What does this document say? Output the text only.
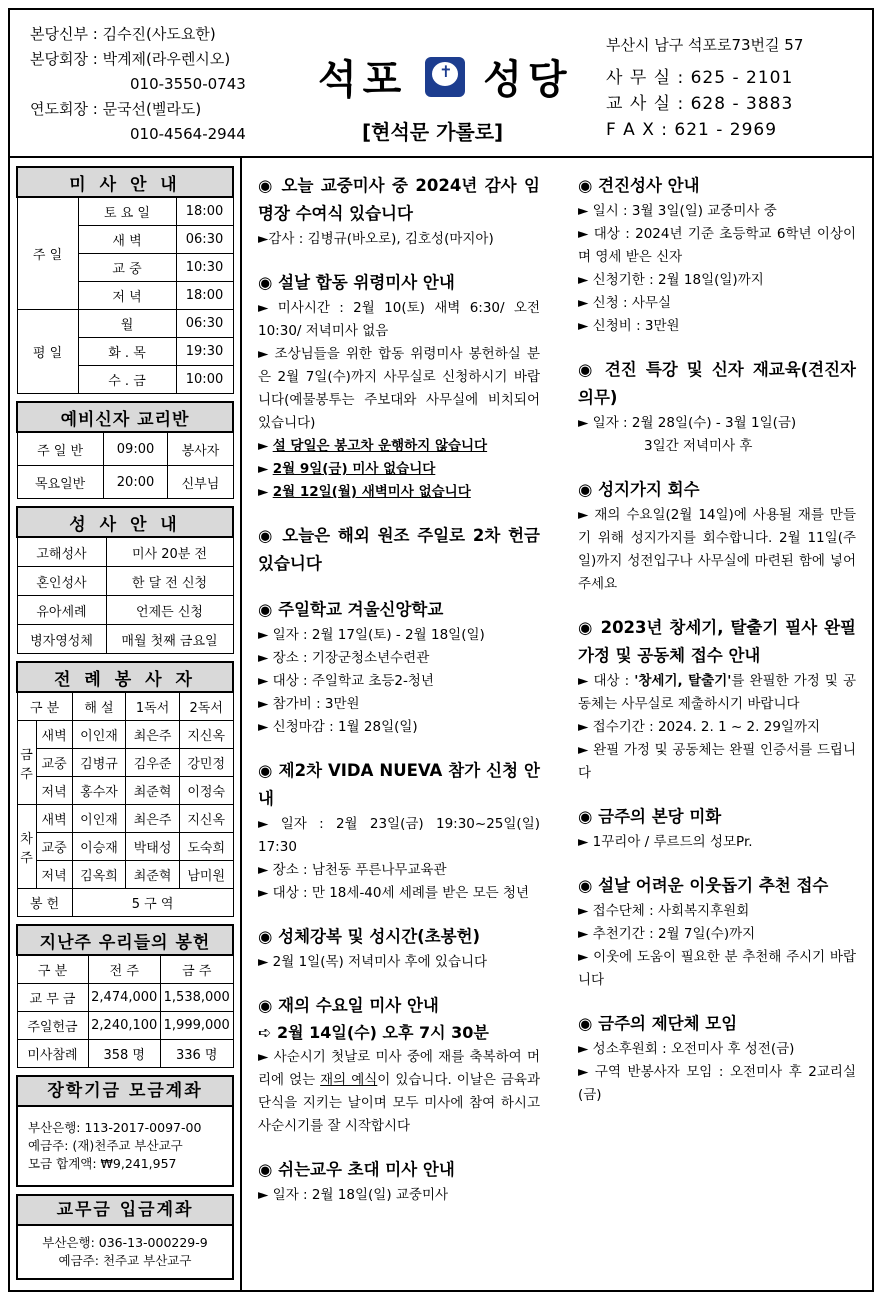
본당신부 : 김수진(사도요한)
본당회장 : 박계제(라우렌시오)
010-3550-0743
연도회장 : 문국선(벨라도)
010-4564-2944
석포 ✝ 성당
[현석문 가롤로]
부산시 남구 석포로73번길 57
사 무 실 : 625 - 2101
교 사 실 : 628 - 3883
F A X : 621 - 2969
미 사 안 내		
주 일	토 요 일	18:00
	새 벽	06:30
	교 중	10:30
	저 녁	18:00
평 일	월	06:30
	화 . 목	19:30
	수 . 금	10:00
예비신자 교리반		
주 일 반	09:00	봉사자
목요일반	20:00	신부님
성 사 안 내	
고해성사	미사 20분 전
혼인성사	한 달 전 신청
유아세례	언제든 신청
병자영성체	매월 첫째 금요일
전 례 봉 사 자				
구 분		해 설	1독서	2독서
금주	새벽	이인재	최은주	지신옥
	교중	김병규	김우준	강민정
	저녁	홍수자	최준혁	이정숙
차주	새벽	이인재	최은주	지신옥
	교중	이승재	박태성	도숙희
	저녁	김옥희	최준혁	남미원
봉 헌		5 구 역		
지난주 우리들의 봉헌		
구 분	전 주	금 주
교 무 금	2,474,000	1,538,000
주일헌금	2,240,100	1,999,000
미사참례	358 명	336 명
장학기금 모금계좌
부산은행: 113-2017-0097-00
예금주: (재)천주교 부산교구
모금 합계액: ₩9,241,957
교무금 입금계좌
부산은행: 036-13-000229-9
예금주: 천주교 부산교구
◉ 오늘 교중미사 중 2024년 감사 임명장 수여식 있습니다
►감사 : 김병규(바오로), 김호성(마지아)
◉ 설날 합동 위령미사 안내
► 미사시간 : 2월 10(토) 새벽 6:30/ 오전 10:30/ 저녁미사 없음
► 조상님들을 위한 합동 위령미사 봉헌하실 분은 2월 7일(수)까지 사무실로 신청하시기 바랍니다(예물봉투는 주보대와 사무실에 비치되어 있습니다)
► 설 당일은 봉고차 운행하지 않습니다
► 2월 9일(금) 미사 없습니다
► 2월 12일(월) 새벽미사 없습니다
◉ 오늘은 해외 원조 주일로 2차 헌금 있습니다
◉ 주일학교 겨울신앙학교
► 일자 : 2월 17일(토) - 2월 18일(일)
► 장소 : 기장군청소년수련관
► 대상 : 주일학교 초등2-청년
► 참가비 : 3만원
► 신청마감 : 1월 28일(일)
◉ 제2차 VIDA NUEVA 참가 신청 안내
► 일자 : 2월 23일(금) 19:30~25일(일) 17:30
► 장소 : 남천동 푸른나무교육관
► 대상 : 만 18세-40세 세례를 받은 모든 청년
◉ 성체강복 및 성시간(초봉헌)
► 2월 1일(목) 저녁미사 후에 있습니다
◉ 재의 수요일 미사 안내
➪ 2월 14일(수) 오후 7시 30분
► 사순시기 첫날로 미사 중에 재를 축복하여 머리에 얹는 재의 예식이 있습니다. 이날은 금육과 단식을 지키는 날이며 모두 미사에 참여 하시고 사순시기를 잘 시작합시다
◉ 쉬는교우 초대 미사 안내
► 일자 : 2월 18일(일) 교중미사
◉ 견진성사 안내
► 일시 : 3월 3일(일) 교중미사 중
► 대상 : 2024년 기준 초등학교 6학년 이상이며 영세 받은 신자
► 신청기한 : 2월 18일(일)까지
► 신청 : 사무실
► 신청비 : 3만원
◉ 견진 특강 및 신자 재교육(견진자 의무)
► 일자 : 2월 28일(수) - 3월 1일(금)
3일간 저녁미사 후
◉ 성지가지 회수
► 재의 수요일(2월 14일)에 사용될 재를 만들기 위해 성지가지를 회수합니다. 2월 11일(주일)까지 성전입구나 사무실에 마련된 함에 넣어주세요
◉ 2023년 창세기, 탈출기 필사 완필 가정 및 공동체 접수 안내
► 대상 : '창세기, 탈출기'를 완필한 가정 및 공동체는 사무실로 제출하시기 바랍니다
► 접수기간 : 2024. 2. 1 ~ 2. 29일까지
► 완필 가정 및 공동체는 완필 인증서를 드립니다
◉ 금주의 본당 미화
► 1꾸리아 / 루르드의 성모Pr.
◉ 설날 어려운 이웃돕기 추천 접수
► 접수단체 : 사회복지후원회
► 추천기간 : 2월 7일(수)까지
► 이웃에 도움이 필요한 분 추천해 주시기 바랍니다
◉ 금주의 제단체 모임
► 성소후원회 : 오전미사 후 성전(금)
► 구역 반봉사자 모임 : 오전미사 후 2교리실(금)
